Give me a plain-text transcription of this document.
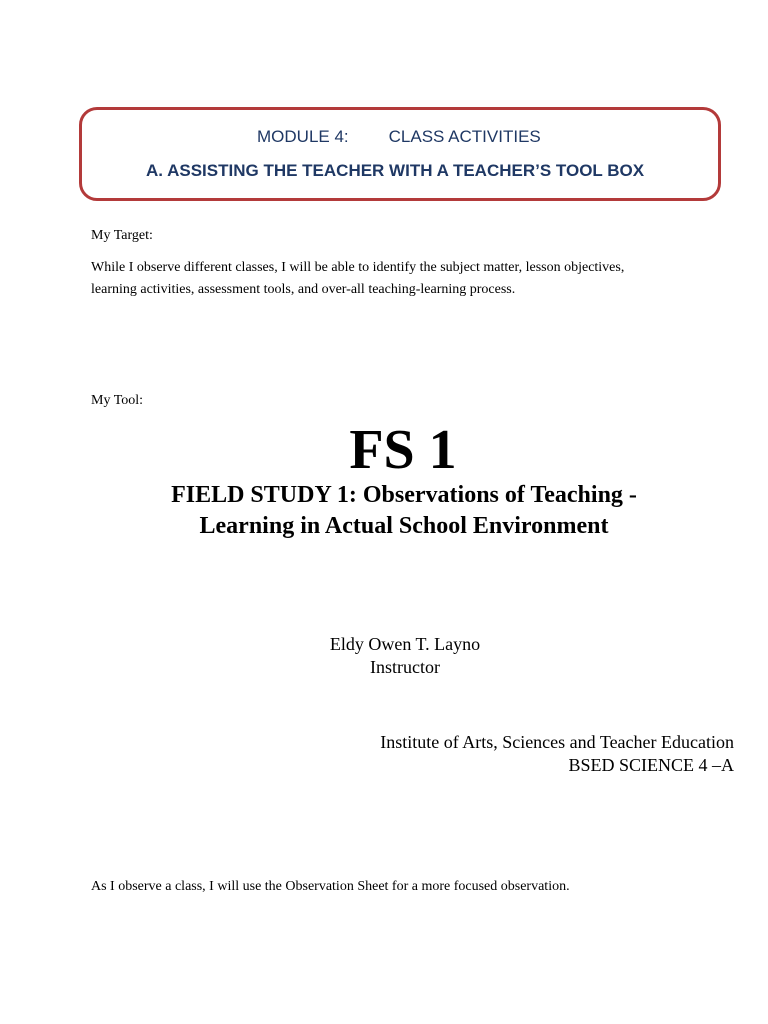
MODULE 4: CLASS ACTIVITIES
A. ASSISTING THE TEACHER WITH A TEACHER’S TOOL BOX
My Target:
While I observe different classes, I will be able to identify the subject matter, lesson objectives, learning activities, assessment tools, and over-all teaching-learning process.
My Tool:
FS 1
FIELD STUDY 1: Observations of Teaching - Learning in Actual School Environment
Eldy Owen T. Layno
Instructor
Institute of Arts, Sciences and Teacher Education
BSED SCIENCE 4 –A
As I observe a class, I will use the Observation Sheet for a more focused observation.
